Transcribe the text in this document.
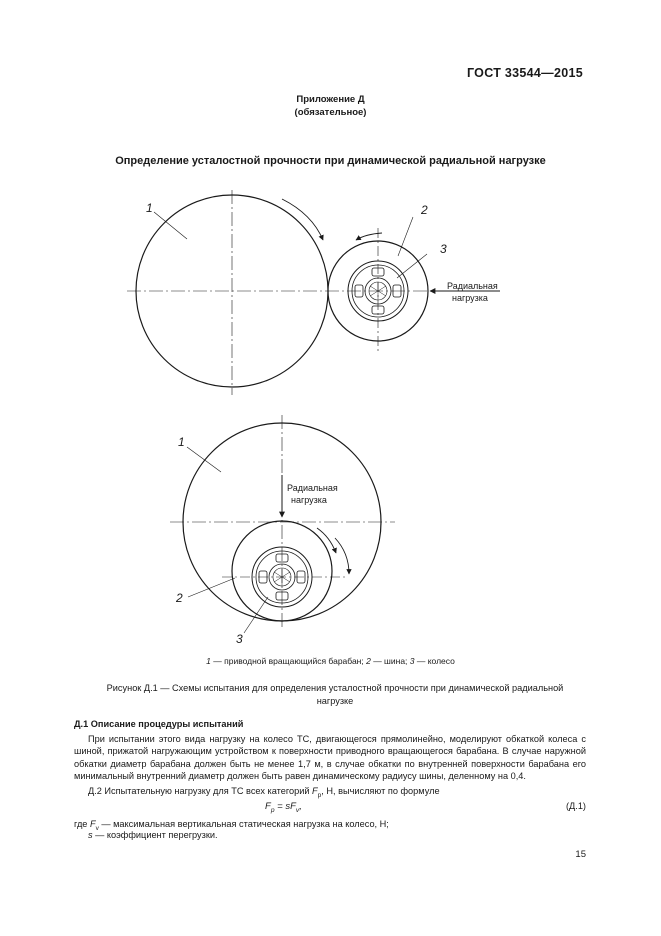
ГОСТ 33544—2015
Приложение Д
(обязательное)
Определение усталостной прочности при динамической радиальной нагрузке
1	2
3
Радиальная
нагрузка
1
2
3
Радиальная
нагрузка
1 — приводной вращающийся барабан; 2 — шина; 3 — колесо
Рисунок Д.1 — Схемы испытания для определения усталостной прочности при динамической радиальной
нагрузке
Д.1 Описание процедуры испытаний
При испытании этого вида нагрузку на колесо ТС, двигающегося прямолинейно, моделируют обкаткой колеса с шиной, прижатой нагружающим устройством к поверхности приводного вращающегося барабана. В случае наружной обкатки диаметр барабана должен быть не менее 1,7 м, в случае обкатки по внутренней поверхности барабана его минимальный внутренний диаметр должен быть равен динамическому радиусу шины, деленному на 0,4.
Д.2 Испытательную нагрузку для ТС всех категорий $F_p$, Н, вычисляют по формуле
$F_p = sF_v$,	(Д.1)
где $F_v$ — максимальная вертикальная статическая нагрузка на колесо, Н;
s — коэффициент перегрузки.
15
